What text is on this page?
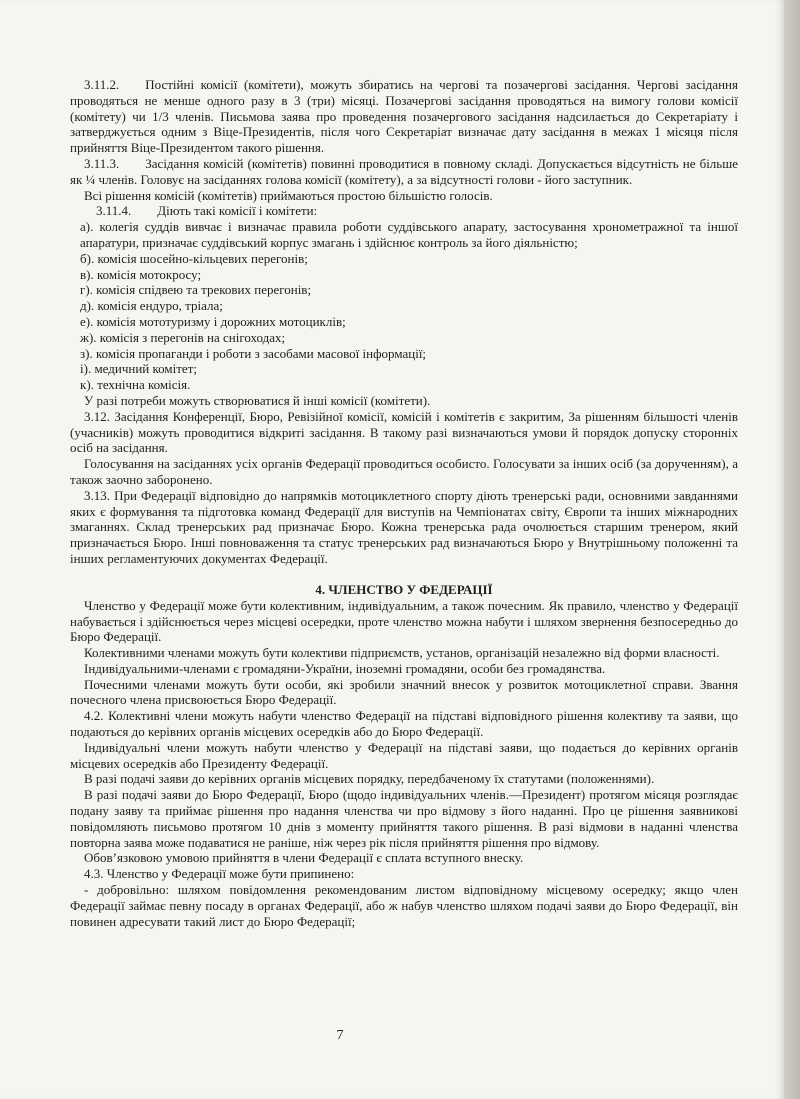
3.11.2.  Постійні комісії (комітети), можуть збиратись на чергові та позачергові засідання. Чергові засідання проводяться не менше одного разу в 3 (три) місяці. Позачергові засідання проводяться на вимогу голови комісії (комітету) чи 1/3 членів. Письмова заява про проведення позачергового засідання надсилається до Секретаріату і затверджується одним з Віце-Президентів, після чого Секретаріат визначає дату засідання в межах 1 місяця після прийняття Віце-Президентом такого рішення.

3.11.3.  Засідання комісій (комітетів) повинні проводитися в повному складі. Допускається відсутність не більше як ¼ членів. Головує на засіданнях голова комісії (комітету), а за відсутності голови - його заступник.

Всі рішення комісій (комітетів) приймаються простою більшістю голосів.

3.11.4.  Діють такі комісії і комітети:

а). колегія суддів вивчає і визначає правила роботи суддівського апарату, застосування хронометражної та іншої апаратури, призначає суддівський корпус змагань і здійснює контроль за його діяльністю;

б). комісія шосейно-кільцевих перегонів;

в). комісія мотокросу;

г). комісія спідвею та трекових перегонів;

д). комісія ендуро, тріала;

е). комісія мототуризму і дорожних мотоциклів;

ж). комісія з перегонів на снігоходах;

з). комісія пропаганди і роботи з засобами масової інформації;

і). медичний комітет;

к). технічна комісія.

У разі потреби можуть створюватися й інші комісії (комітети).

3.12. Засідання Конференції, Бюро, Ревізійної комісії, комісій і комітетів є закритим, За рішенням більшості членів (учасників) можуть проводитися відкриті засідання. В такому разі визначаються умови й порядок допуску сторонніх осіб на засідання.

Голосування на засіданнях усіх органів Федерації проводиться особисто. Голосувати за інших осіб (за дорученням), а також заочно заборонено.

3.13. При Федерації відповідно до напрямків мотоциклетного спорту діють тренерські ради, основними завданнями яких є формування та підготовка команд Федерації для виступів на Чемпіонатах світу, Європи та інших міжнародних змаганнях. Склад тренерських рад призначає Бюро. Кожна тренерська рада очолюється старшим тренером, який призначається Бюро. Інші повноваження та статус тренерських рад визначаються Бюро у Внутрішньому положенні та інших регламентуючих документах Федерації.

4. ЧЛЕНСТВО У ФЕДЕРАЦІЇ

Членство у Федерації може бути колективним, індивідуальним, а також почесним. Як правило, членство у Федерації набувається і здійснюється через місцеві осередки, проте членство можна набути і шляхом звернення безпосередньо до Бюро Федерації.

Колективними членами можуть бути колективи підприємств, установ, організацій незалежно від форми власності.

Індивідуальними-членами є громадяни-України, іноземні громадяни, особи без громадянства.

Почесними членами можуть бути особи, які зробили значний внесок у розвиток мотоциклетної справи. Звання почесного члена присвоюється Бюро Федерації.

4.2. Колективні члени можуть набути членство Федерації на підставі відповідного рішення колективу та заяви, що подаються до керівних органів місцевих осередків або до Бюро Федерації.

Індивідуальні члени можуть набути членство у Федерації на підставі заяви, що подається до керівних органів місцевих осередків або Президенту Федерації.

В разі подачі заяви до керівних органів місцевих порядку, передбаченому їх статутами (положеннями).

В разі подачі заяви до Бюро Федерації, Бюро (щодо індивідуальних членів.—Президент) протягом місяця розглядає подану заяву та приймає рішення про надання членства чи про відмову з його наданні. Про це рішення заявникові повідомляють письмово протягом 10 днів з моменту прийняття такого рішення. В разі відмови в наданні членства повторна заява може подаватися не раніше, ніж через рік після прийняття рішення про відмову.

Обов’язковою умовою прийняття в члени Федерації є сплата вступного внеску.

4.3. Членство у Федерації може бути припинено:

- добровільно: шляхом повідомлення рекомендованим листом відповідному місцевому осередку; якщо член Федерації займає певну посаду в органах Федерації, або ж набув членство шляхом подачі заяви до Бюро Федерації, він повинен адресувати такий лист до Бюро Федерації;

7
